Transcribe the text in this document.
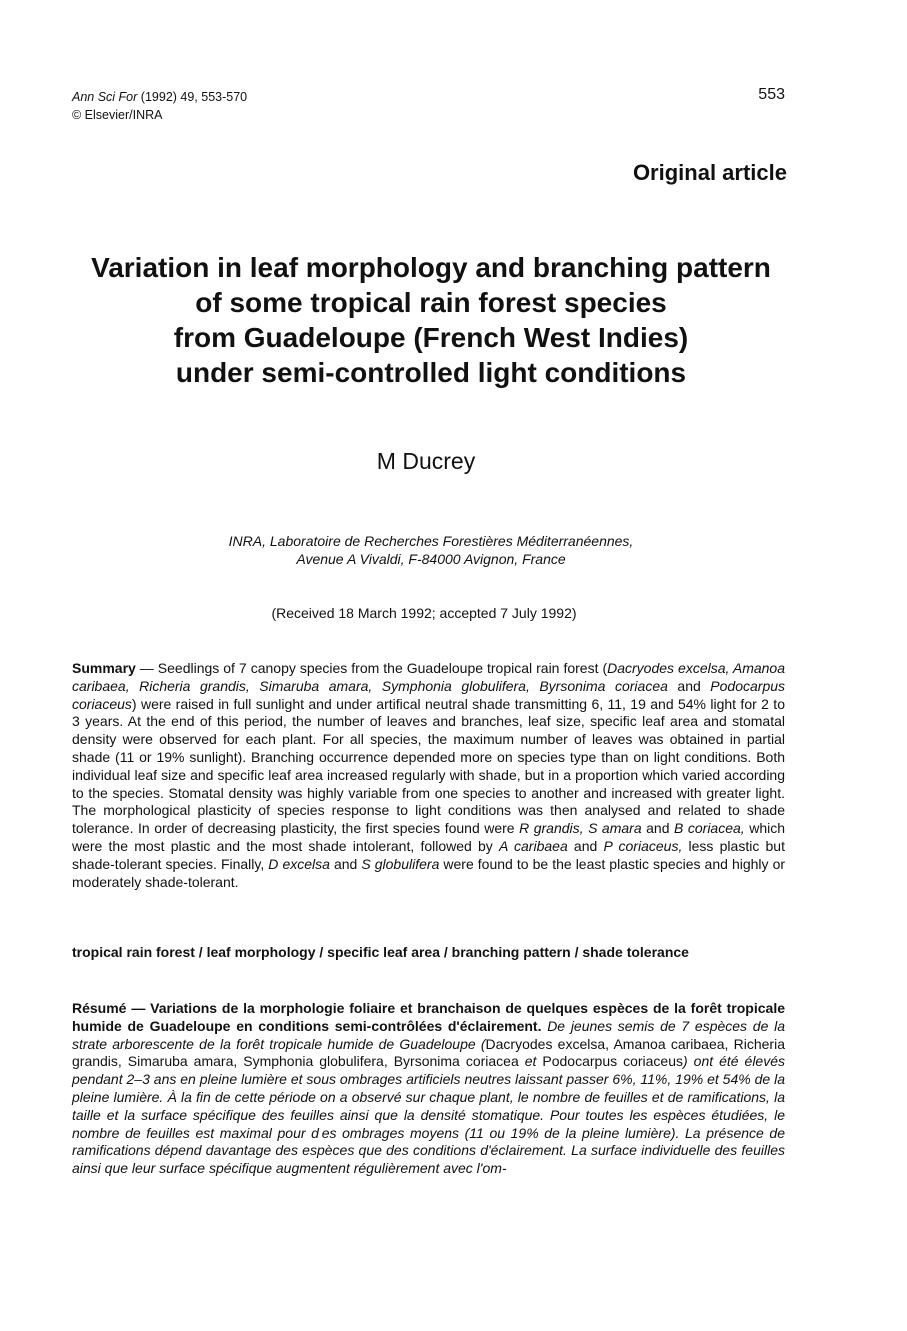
Ann Sci For (1992) 49, 553-570
© Elsevier/INRA
553
Original article
Variation in leaf morphology and branching pattern
of some tropical rain forest species
from Guadeloupe (French West Indies)
under semi-controlled light conditions
M Ducrey
INRA, Laboratoire de Recherches Forestières Méditerranéennes,
Avenue A Vivaldi, F-84000 Avignon, France
(Received 18 March 1992; accepted 7 July 1992)
Summary — Seedlings of 7 canopy species from the Guadeloupe tropical rain forest (Dacryodes excelsa, Amanoa caribaea, Richeria grandis, Simaruba amara, Symphonia globulifera, Byrsonima coriacea and Podocarpus coriaceus) were raised in full sunlight and under artifical neutral shade transmitting 6, 11, 19 and 54% light for 2 to 3 years. At the end of this period, the number of leaves and branches, leaf size, specific leaf area and stomatal density were observed for each plant. For all species, the maximum number of leaves was obtained in partial shade (11 or 19% sunlight). Branching occurrence depended more on species type than on light conditions. Both individual leaf size and specific leaf area increased regularly with shade, but in a proportion which varied according to the species. Stomatal density was highly variable from one species to another and increased with greater light. The morphological plasticity of species response to light conditions was then analysed and related to shade tolerance. In order of decreasing plasticity, the first species found were R grandis, S amara and B coriacea, which were the most plastic and the most shade intolerant, followed by A caribaea and P coriaceus, less plastic but shade-tolerant species. Finally, D excelsa and S globulifera were found to be the least plastic species and highly or moderately shade-tolerant.
tropical rain forest / leaf morphology / specific leaf area / branching pattern / shade tolerance
Résumé — Variations de la morphologie foliaire et branchaison de quelques espèces de la forêt tropicale humide de Guadeloupe en conditions semi-contrôlées d'éclairement. De jeunes semis de 7 espèces de la strate arborescente de la forêt tropicale humide de Guadeloupe (Dacryodes excelsa, Amanoa caribaea, Richeria grandis, Simaruba amara, Symphonia globulifera, Byrsonima coriacea et Podocarpus coriaceus) ont été élevés pendant 2–3 ans en pleine lumière et sous ombrages artificiels neutres laissant passer 6%, 11%, 19% et 54% de la pleine lumière. À la fin de cette période on a observé sur chaque plant, le nombre de feuilles et de ramifications, la taille et la surface spécifique des feuilles ainsi que la densité stomatique. Pour toutes les espèces étudiées, le nombre de feuilles est maximal pour d es ombrages moyens (11 ou 19% de la pleine lumière). La présence de ramifications dépend davantage des espèces que des conditions d'éclairement. La surface individuelle des feuilles ainsi que leur surface spécifique augmentent régulièrement avec l'om-
